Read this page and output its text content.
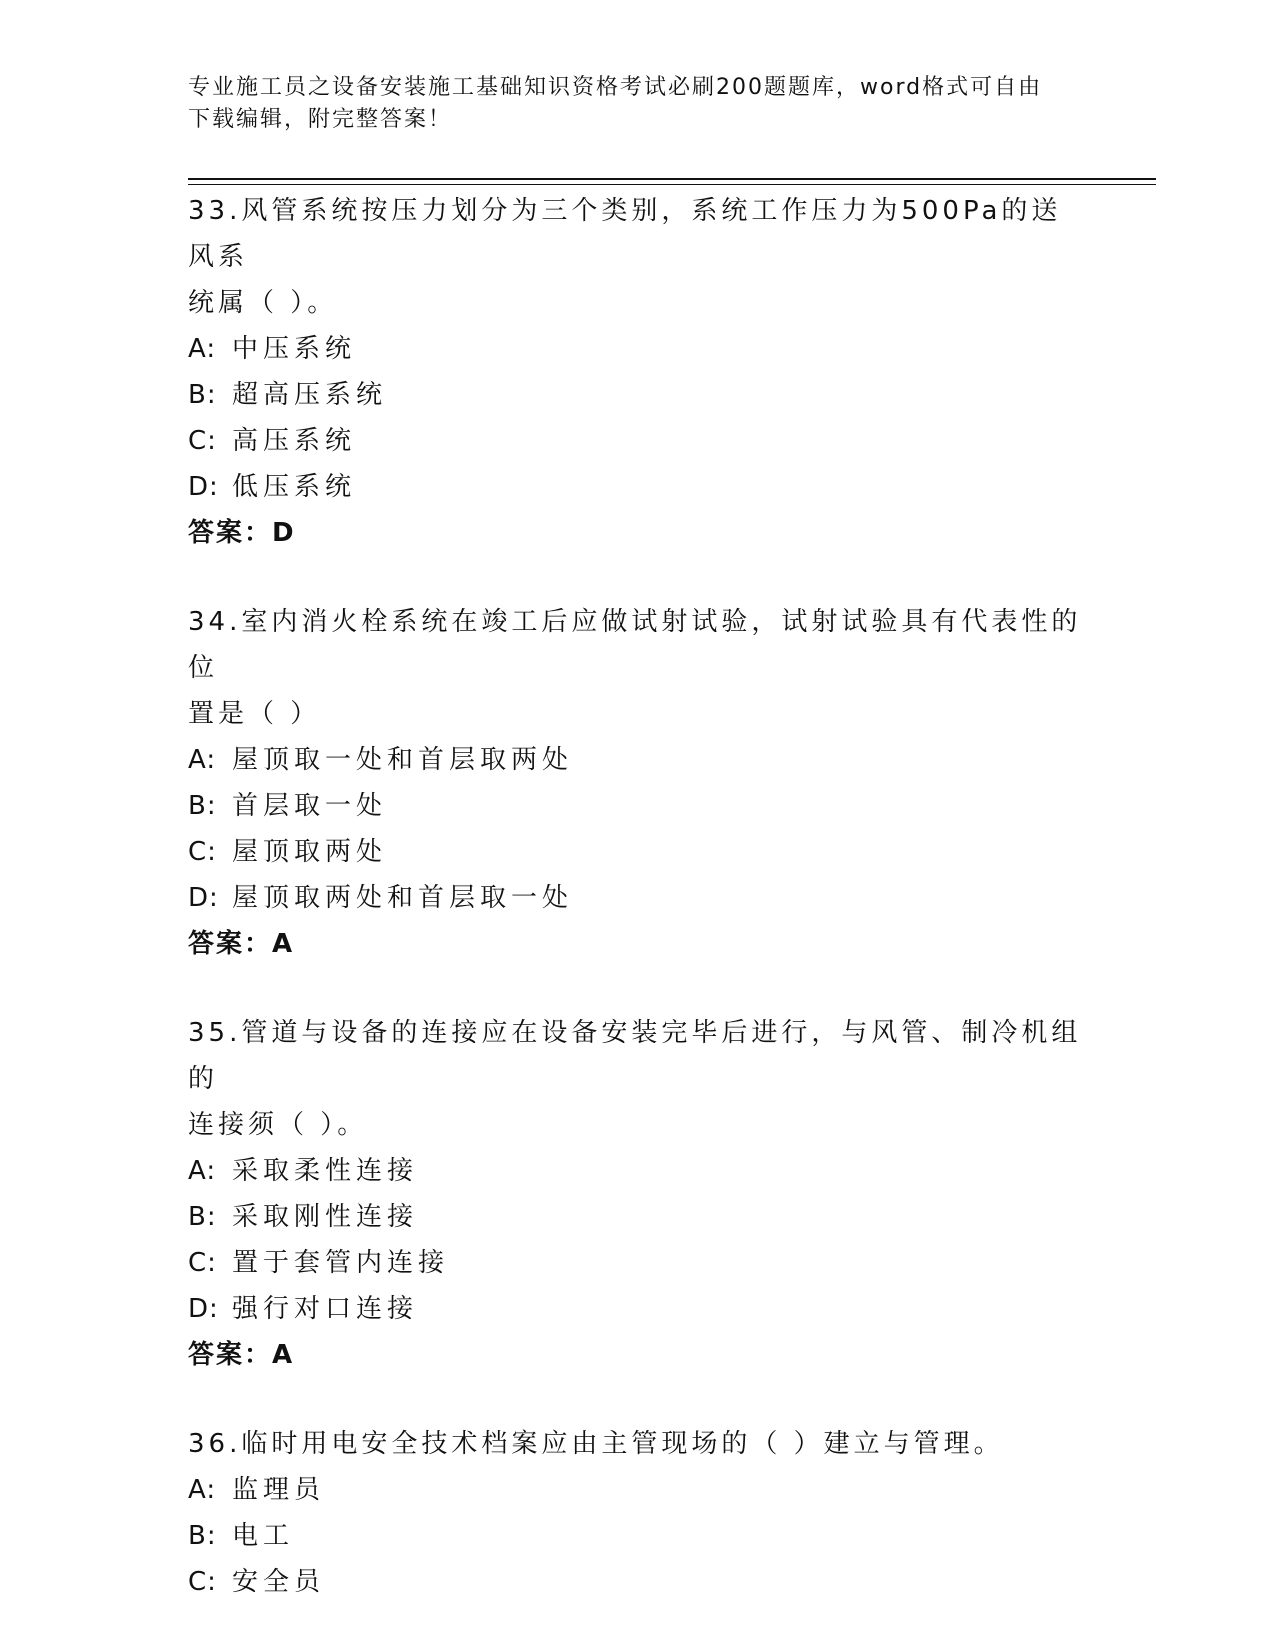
专业施工员之设备安装施工基础知识资格考试必刷200题题库，word格式可自由
下载编辑，附完整答案！
33.风管系统按压力划分为三个类别，系统工作压力为500Pa的送风系
统属（ ）。
A: 中压系统
B: 超高压系统
C: 高压系统
D: 低压系统
答案：D
34.室内消火栓系统在竣工后应做试射试验，试射试验具有代表性的位
置是（ ）
A: 屋顶取一处和首层取两处
B: 首层取一处
C: 屋顶取两处
D: 屋顶取两处和首层取一处
答案：A
35.管道与设备的连接应在设备安装完毕后进行，与风管、制冷机组的
连接须（ ）。
A: 采取柔性连接
B: 采取刚性连接
C: 置于套管内连接
D: 强行对口连接
答案：A
36.临时用电安全技术档案应由主管现场的（ ）建立与管理。
A: 监理员
B: 电工
C: 安全员
